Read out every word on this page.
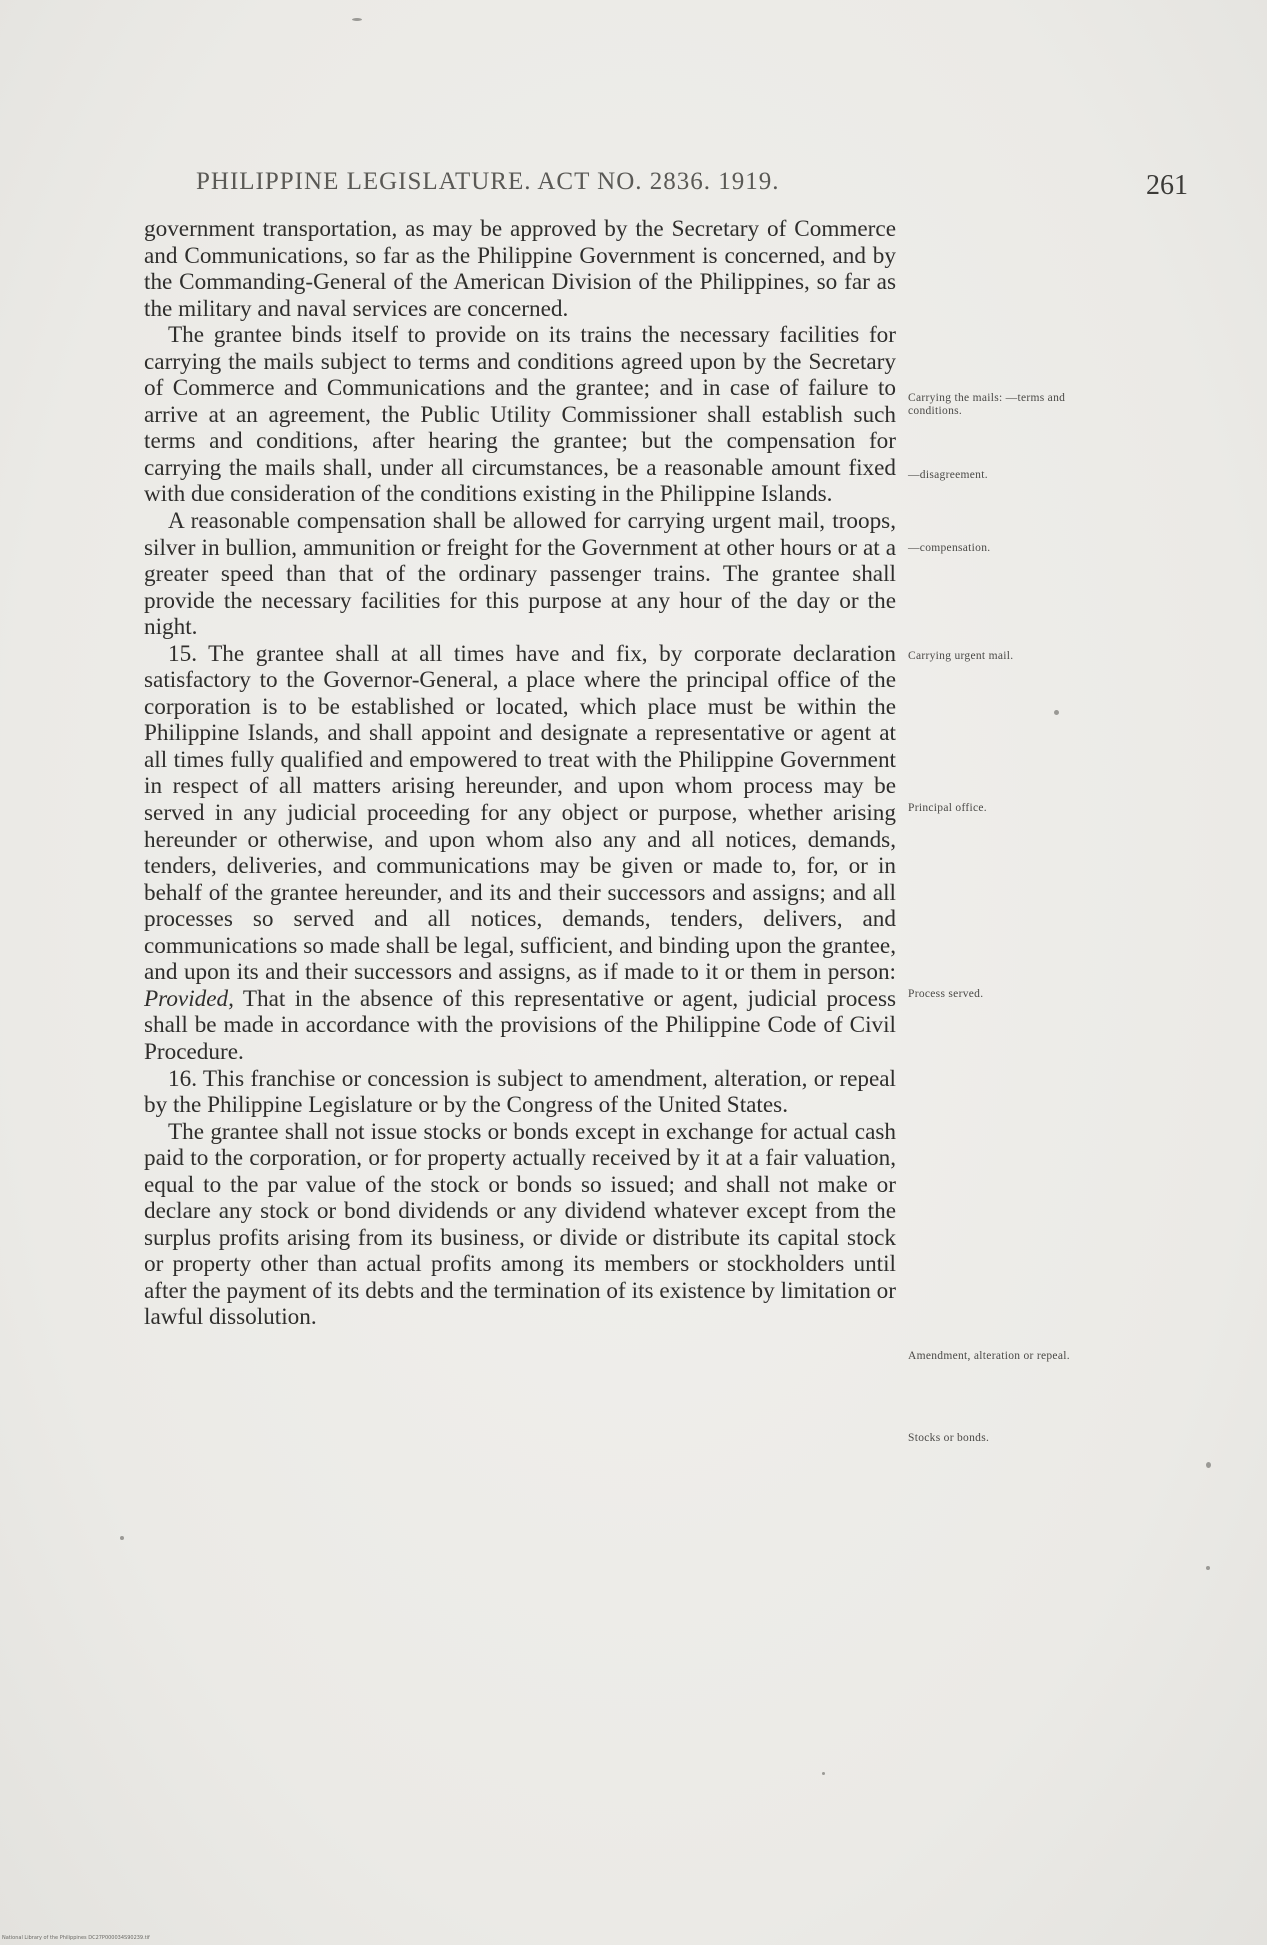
PHILIPPINE LEGISLATURE. ACT NO. 2836. 1919.	261

government transportation, as may be approved by the Secretary of Commerce and Communications, so far as the Philippine Government is concerned, and by the Commanding-General of the American Division of the Philippines, so far as the military and naval services are concerned.

The grantee binds itself to provide on its trains the necessary facilities for carrying the mails subject to terms and conditions agreed upon by the Secretary of Commerce and Communications and the grantee; and in case of failure to arrive at an agreement, the Public Utility Commissioner shall establish such terms and conditions, after hearing the grantee; but the compensation for carrying the mails shall, under all circumstances, be a reasonable amount fixed with due consideration of the conditions existing in the Philippine Islands.

A reasonable compensation shall be allowed for carrying urgent mail, troops, silver in bullion, ammunition or freight for the Government at other hours or at a greater speed than that of the ordinary passenger trains. The grantee shall provide the necessary facilities for this purpose at any hour of the day or the night.

15. The grantee shall at all times have and fix, by corporate declaration satisfactory to the Governor-General, a place where the principal office of the corporation is to be established or located, which place must be within the Philippine Islands, and shall appoint and designate a representative or agent at all times fully qualified and empowered to treat with the Philippine Government in respect of all matters arising hereunder, and upon whom process may be served in any judicial proceeding for any object or purpose, whether arising hereunder or otherwise, and upon whom also any and all notices, demands, tenders, deliveries, and communications may be given or made to, for, or in behalf of the grantee hereunder, and its and their successors and assigns; and all processes so served and all notices, demands, tenders, delivers, and communications so made shall be legal, sufficient, and binding upon the grantee, and upon its and their successors and assigns, as if made to it or them in person: Provided, That in the absence of this representative or agent, judicial process shall be made in accordance with the provisions of the Philippine Code of Civil Procedure.

16. This franchise or concession is subject to amendment, alteration, or repeal by the Philippine Legislature or by the Congress of the United States.

The grantee shall not issue stocks or bonds except in exchange for actual cash paid to the corporation, or for property actually received by it at a fair valuation, equal to the par value of the stock or bonds so issued; and shall not make or declare any stock or bond dividends or any dividend whatever except from the surplus profits arising from its business, or divide or distribute its capital stock or property other than actual profits among its members or stockholders until after the payment of its debts and the termination of its existence by limitation or lawful dissolution.

Carrying the mails: —terms and conditions.
—disagreement.
—compensation.
Carrying urgent mail.
Principal office.
Process served.
Amendment, alteration or repeal.
Stocks or bonds.
National Library of the Philippines DC27P000034S90239.tif
